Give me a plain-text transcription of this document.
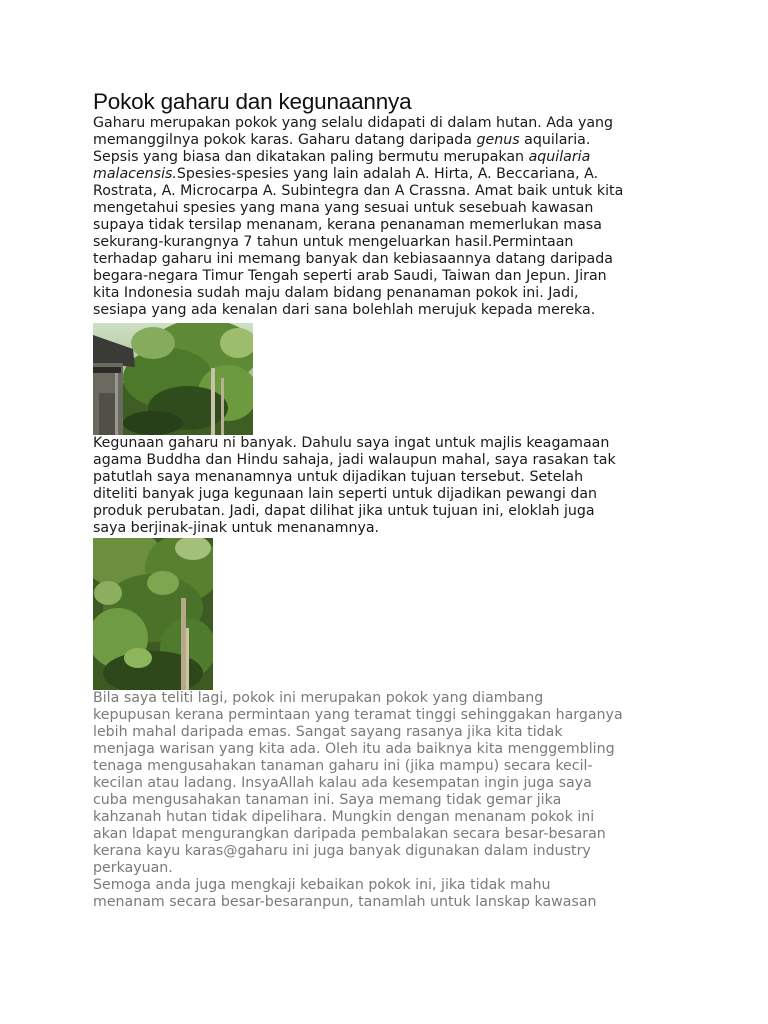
Pokok gaharu dan kegunaannya

Gaharu merupakan pokok yang selalu didapati di dalam hutan. Ada yang
memanggilnya pokok karas. Gaharu datang daripada genus aquilaria.
Sepsis yang biasa dan dikatakan paling bermutu merupakan aquilaria
malacensis.Spesies-spesies yang lain adalah A. Hirta, A. Beccariana, A.
Rostrata, A. Microcarpa A. Subintegra dan A Crassna. Amat baik untuk kita
mengetahui spesies yang mana yang sesuai untuk sesebuah kawasan
supaya tidak tersilap menanam, kerana penanaman memerlukan masa
sekurang-kurangnya 7 tahun untuk mengeluarkan hasil.Permintaan
terhadap gaharu ini memang banyak dan kebiasaannya datang daripada
begara-negara Timur Tengah seperti arab Saudi, Taiwan dan Jepun. Jiran
kita Indonesia sudah maju dalam bidang penanaman pokok ini. Jadi,
sesiapa yang ada kenalan dari sana bolehlah merujuk kepada mereka.

Kegunaan gaharu ni banyak. Dahulu saya ingat untuk majlis keagamaan
agama Buddha dan Hindu sahaja, jadi walaupun mahal, saya rasakan tak
patutlah saya menanamnya untuk dijadikan tujuan tersebut. Setelah
diteliti banyak juga kegunaan lain seperti untuk dijadikan pewangi dan
produk perubatan. Jadi, dapat dilihat jika untuk tujuan ini, eloklah juga
saya berjinak-jinak untuk menanamnya.

Bila saya teliti lagi, pokok ini merupakan pokok yang diambang
kepupusan kerana permintaan yang teramat tinggi sehinggakan harganya
lebih mahal daripada emas. Sangat sayang rasanya jika kita tidak
menjaga warisan yang kita ada. Oleh itu ada baiknya kita menggembling
tenaga mengusahakan tanaman gaharu ini (jika mampu) secara kecil-
kecilan atau ladang. InsyaAllah kalau ada kesempatan ingin juga saya
cuba mengusahakan tanaman ini. Saya memang tidak gemar jika
kahzanah hutan tidak dipelihara. Mungkin dengan menanam pokok ini
akan ldapat mengurangkan daripada pembalakan secara besar-besaran
kerana kayu karas@gaharu ini juga banyak digunakan dalam industry
perkayuan.

Semoga anda juga mengkaji kebaikan pokok ini, jika tidak mahu
menanam secara besar-besaranpun, tanamlah untuk lanskap kawasan
